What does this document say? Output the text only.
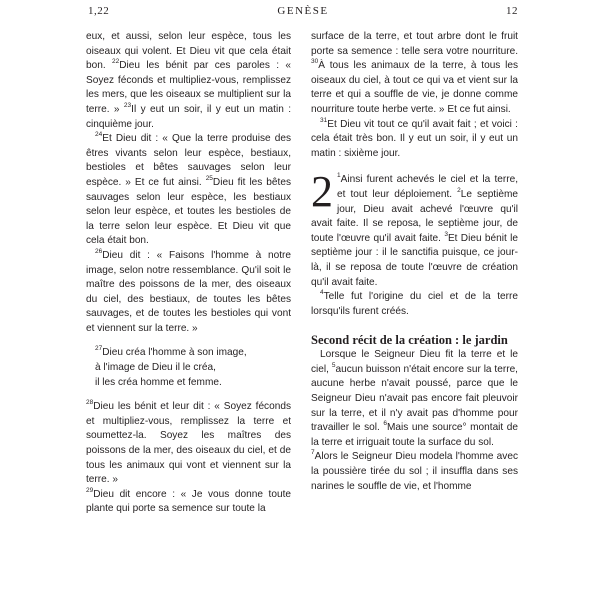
1,22	GENÈSE	12

eux, et aussi, selon leur espèce, tous les oiseaux qui volent. Et Dieu vit que cela était bon. $^{22}$Dieu les bénit par ces paroles : « Soyez féconds et multipliez-vous, remplissez les mers, que les oiseaux se multiplient sur la terre. » $^{23}$Il y eut un soir, il y eut un matin : cinquième jour.

$^{24}$Et Dieu dit : « Que la terre produise des êtres vivants selon leur espèce, bestiaux, bestioles et bêtes sauvages selon leur espèce. » Et ce fut ainsi. $^{25}$Dieu fit les bêtes sauvages selon leur espèce, les bestiaux selon leur espèce, et toutes les bestioles de la terre selon leur espèce. Et Dieu vit que cela était bon.

$^{26}$Dieu dit : « Faisons l'homme à notre image, selon notre ressemblance. Qu'il soit le maître des poissons de la mer, des oiseaux du ciel, des bestiaux, de toutes les bêtes sauvages, et de toutes les bestioles qui vont et viennent sur la terre. »

$^{27}$Dieu créa l'homme à son image,
à l'image de Dieu il le créa,
il les créa homme et femme.

$^{28}$Dieu les bénit et leur dit : « Soyez féconds et multipliez-vous, remplissez la terre et soumettez-la. Soyez les maîtres des poissons de la mer, des oiseaux du ciel, et de tous les animaux qui vont et viennent sur la terre. »

$^{29}$Dieu dit encore : « Je vous donne toute plante qui porte sa semence sur toute la

surface de la terre, et tout arbre dont le fruit porte sa semence : telle sera votre nourriture. $^{30}$À tous les animaux de la terre, à tous les oiseaux du ciel, à tout ce qui va et vient sur la terre et qui a souffle de vie, je donne comme nourriture toute herbe verte. » Et ce fut ainsi.

$^{31}$Et Dieu vit tout ce qu'il avait fait ; et voici : cela était très bon. Il y eut un soir, il y eut un matin : sixième jour.

2 $^1$Ainsi furent achevés le ciel et la terre, et tout leur déploiement. $^2$Le septième jour, Dieu avait achevé l'œuvre qu'il avait faite. Il se reposa, le septième jour, de toute l'œuvre qu'il avait faite. $^3$Et Dieu bénit le septième jour : il le sanctifia puisque, ce jour-là, il se reposa de toute l'œuvre de création qu'il avait faite.

$^4$Telle fut l'origine du ciel et de la terre lorsqu'ils furent créés.

Second récit de la création : le jardin

Lorsque le Seigneur Dieu fit la terre et le ciel, $^5$aucun buisson n'était encore sur la terre, aucune herbe n'avait poussé, parce que le Seigneur Dieu n'avait pas encore fait pleuvoir sur la terre, et il n'y avait pas d'homme pour travailler le sol. $^6$Mais une source° montait de la terre et irriguait toute la surface du sol.

$^7$Alors le Seigneur Dieu modela l'homme avec la poussière tirée du sol ; il insuffla dans ses narines le souffle de vie, et l'homme
